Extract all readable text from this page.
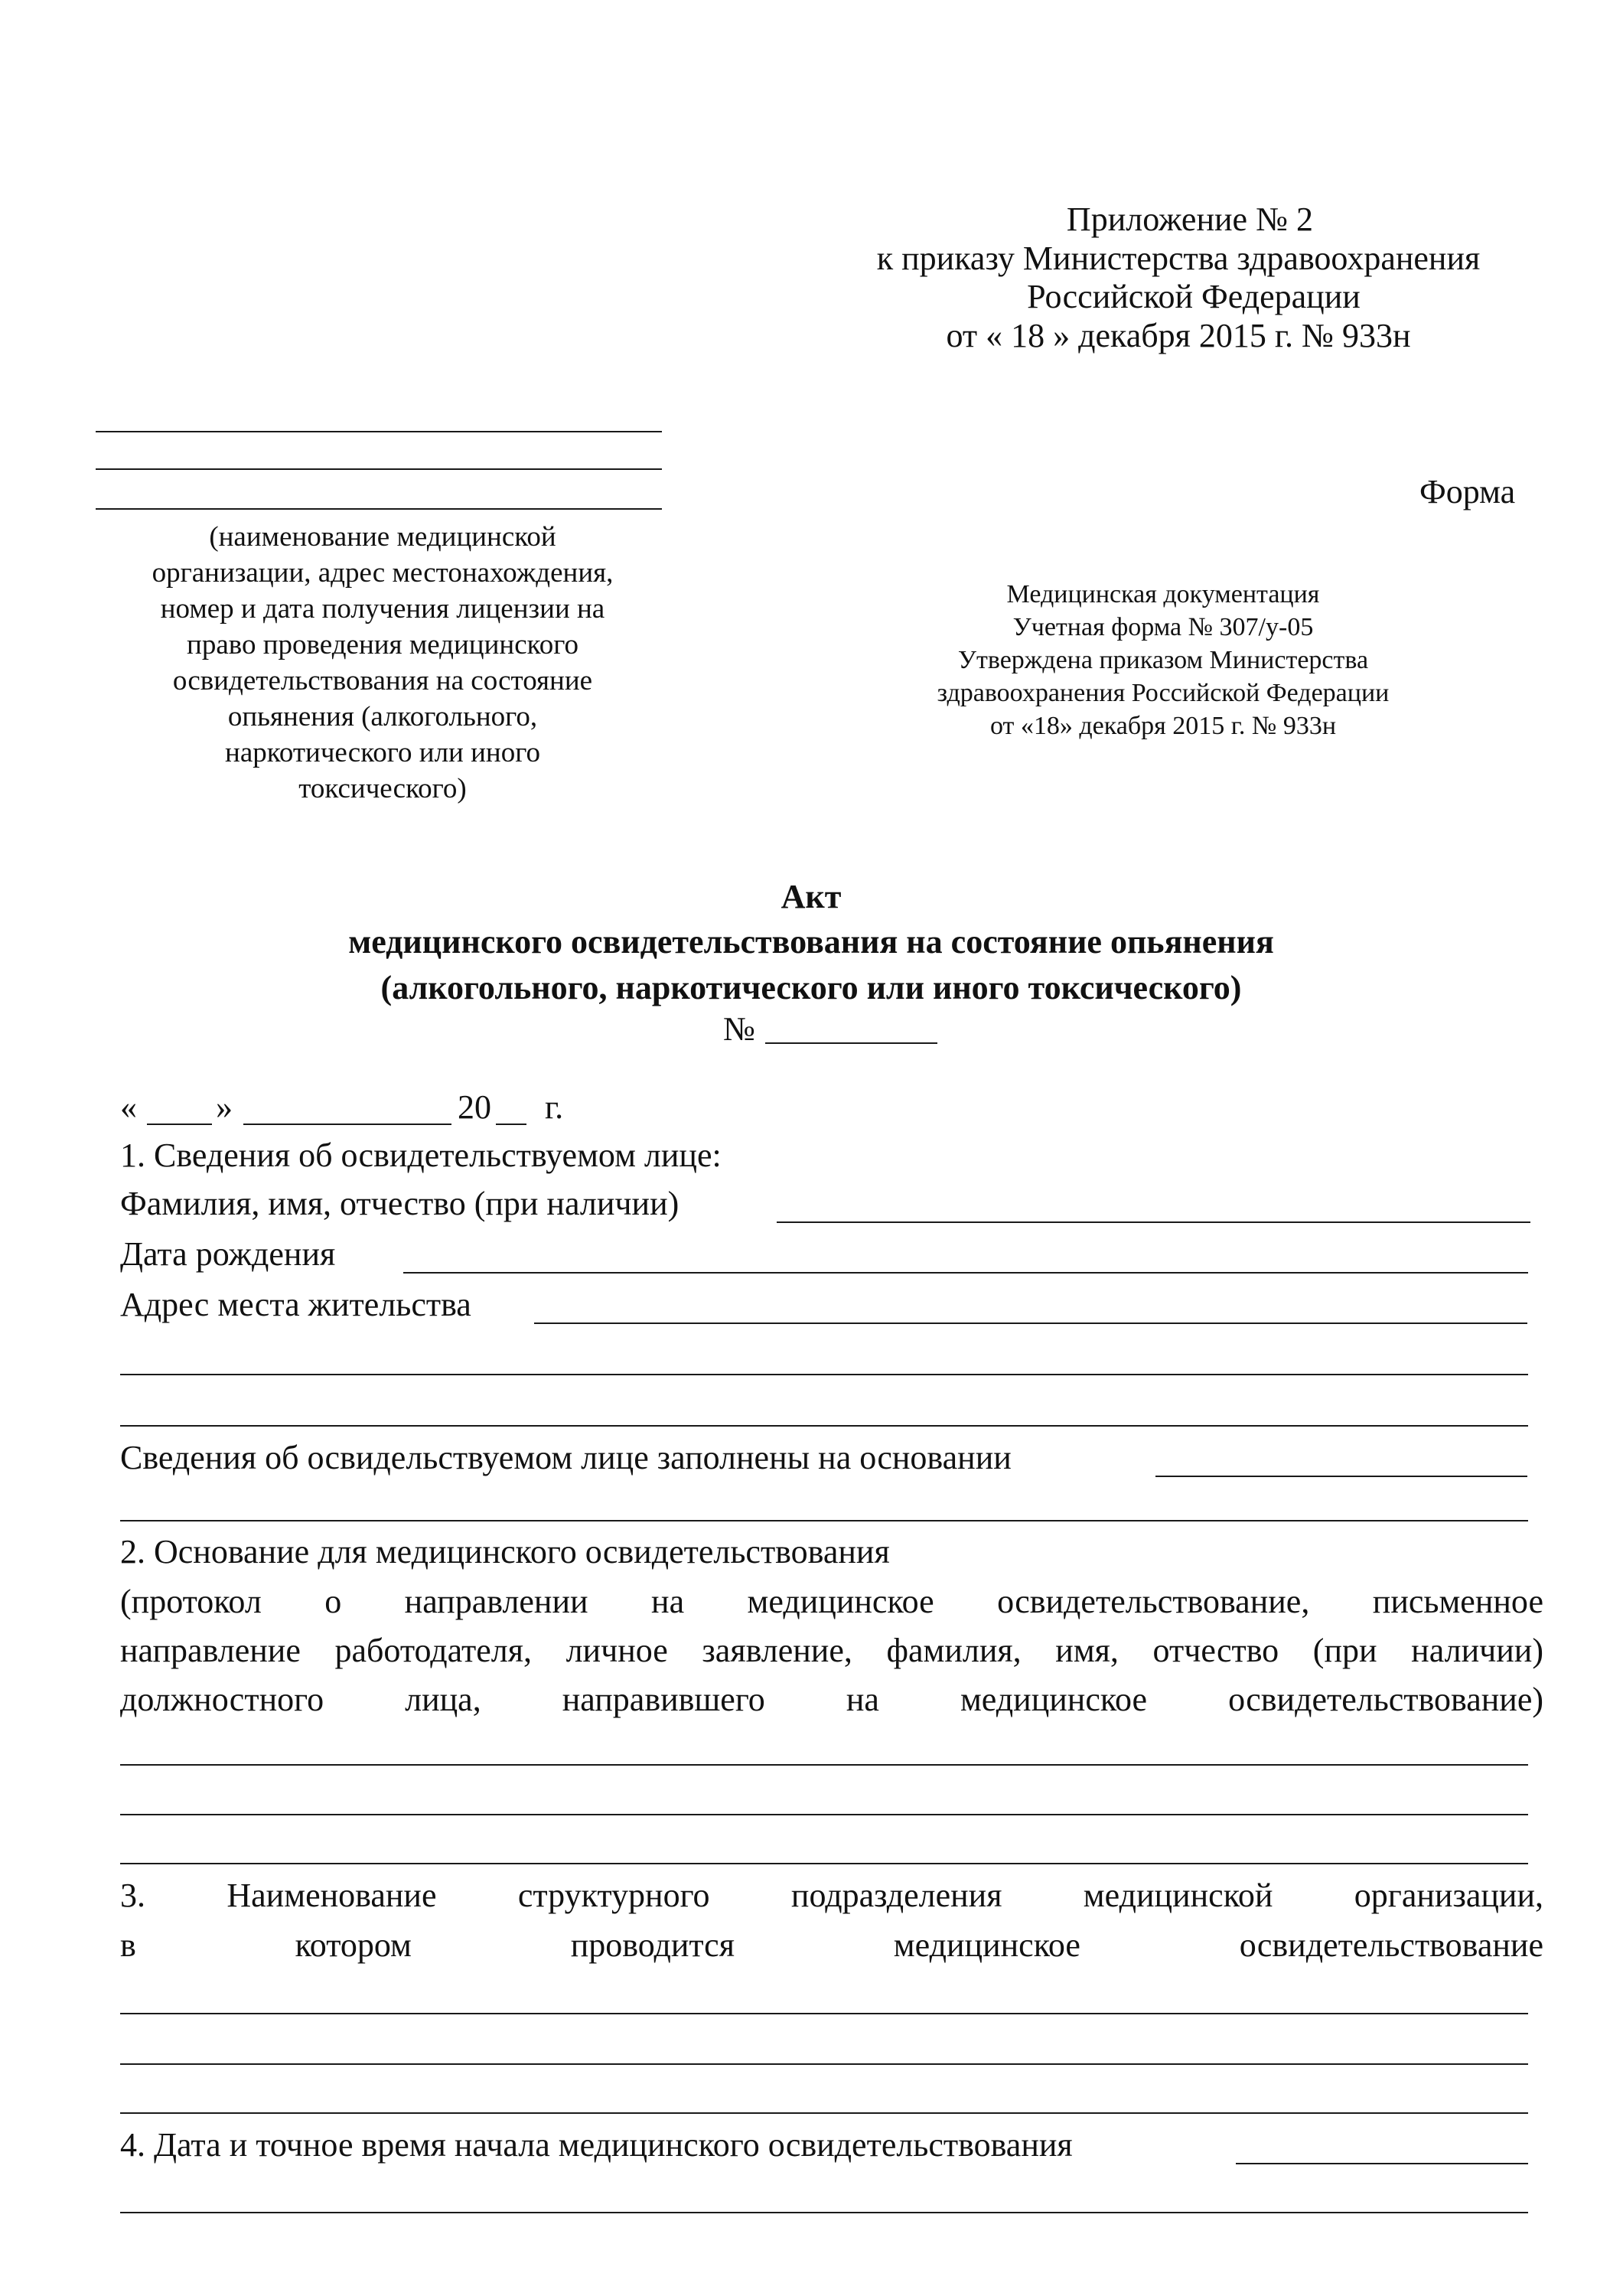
Приложение № 2
к приказу Министерства здравоохранения
Российской Федерации
от « 18 » декабря 2015 г. № 933н
(наименование медицинской
организации, адрес местонахождения,
номер и дата получения лицензии на
право проведения медицинского
освидетельствования на состояние
опьянения (алкогольного,
наркотического или иного
токсического)
Форма
Медицинская документация
Учетная форма № 307/у-05
Утверждена приказом Министерства
здравоохранения Российской Федерации
от «18» декабря 2015 г. № 933н
Акт
медицинского освидетельствования на состояние опьянения
(алкогольного, наркотического или иного токсического)
№
« »	20 г.
1. Сведения об освидетельствуемом лице:
Фамилия, имя, отчество (при наличии)
Дата рождения
Адрес места жительства
Сведения об освидельствуемом лице заполнены на основании
2. Основание для медицинского освидетельствования
(протокол о направлении на медицинское освидетельствование, письменное
направление работодателя, личное заявление, фамилия, имя, отчество (при наличии)
должностного лица, направившего на медицинское освидетельствование)
3. Наименование структурного подразделения медицинской организации,
в котором проводится медицинское освидетельствование
4. Дата и точное время начала медицинского освидетельствования
